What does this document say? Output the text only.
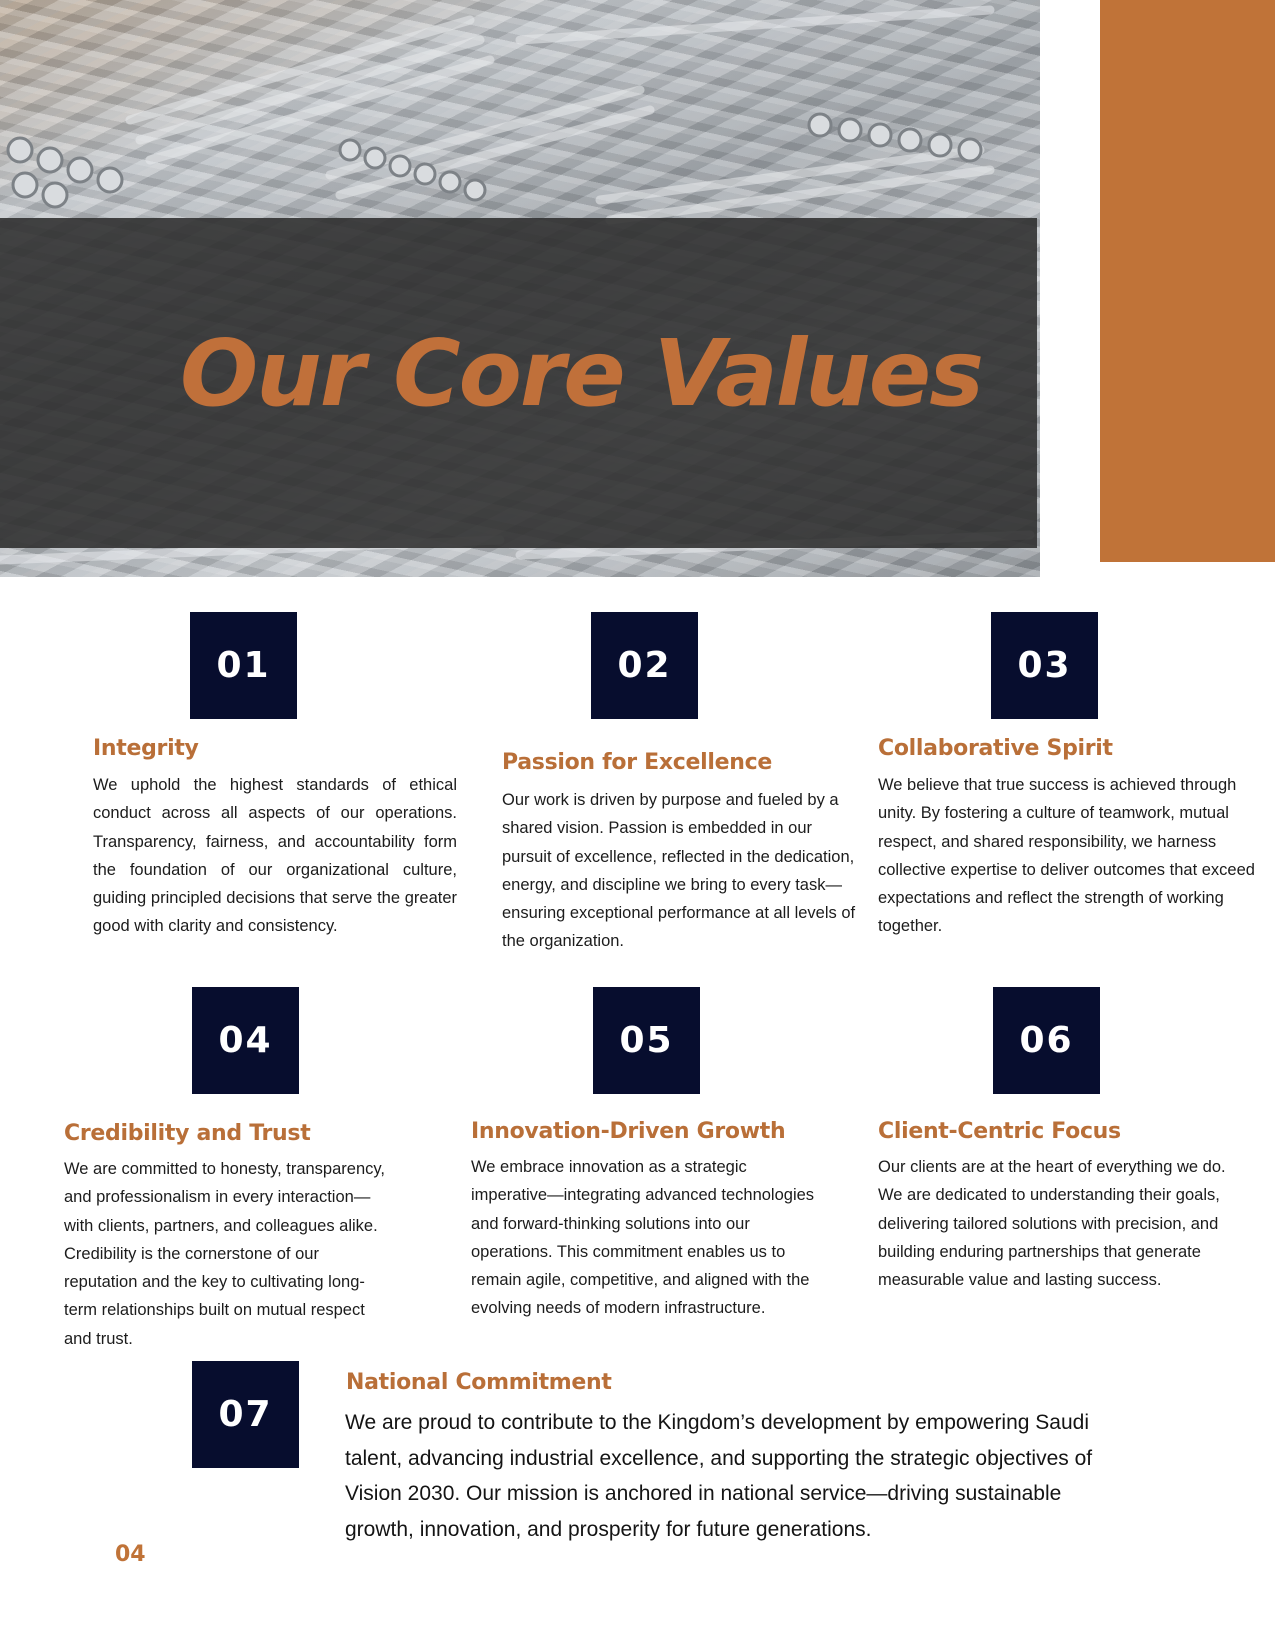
Our Core Values
01
Integrity

We uphold the highest standards of ethical conduct across all aspects of our operations. Transparency, fairness, and accountability form the foundation of our organizational culture, guiding principled decisions that serve the greater good with clarity and consistency.

02
Passion for Excellence

Our work is driven by purpose and fueled by a shared vision. Passion is embedded in our pursuit of excellence, reflected in the dedication, energy, and discipline we bring to every task—ensuring exceptional performance at all levels of the organization.

03
Collaborative Spirit

We believe that true success is achieved through unity. By fostering a culture of teamwork, mutual respect, and shared responsibility, we harness collective expertise to deliver outcomes that exceed expectations and reflect the strength of working together.

04
Credibility and Trust

We are committed to honesty, transparency, and professionalism in every interaction—with clients, partners, and colleagues alike. Credibility is the cornerstone of our reputation and the key to cultivating long-term relationships built on mutual respect and trust.

05
Innovation-Driven Growth

We embrace innovation as a strategic imperative—integrating advanced technologies and forward-thinking solutions into our operations. This commitment enables us to remain agile, competitive, and aligned with the evolving needs of modern infrastructure.

06
Client-Centric Focus

Our clients are at the heart of everything we do. We are dedicated to understanding their goals, delivering tailored solutions with precision, and building enduring partnerships that generate measurable value and lasting success.

07
National Commitment

We are proud to contribute to the Kingdom’s development by empowering Saudi talent, advancing industrial excellence, and supporting the strategic objectives of Vision 2030. Our mission is anchored in national service—driving sustainable growth, innovation, and prosperity for future generations.

04
